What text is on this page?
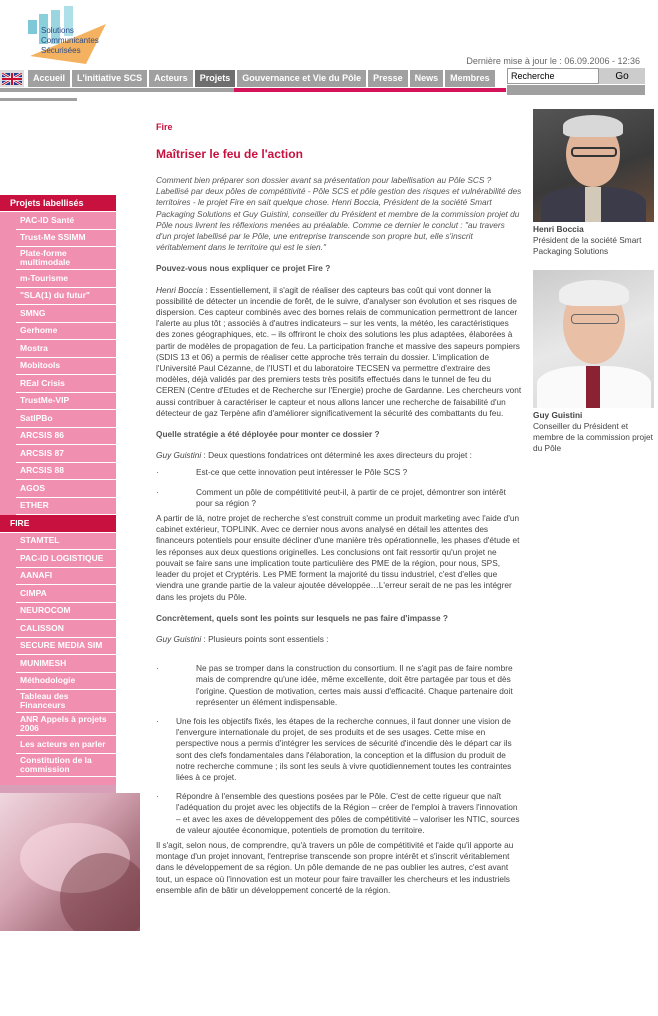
Solutions
Communicantes
Sécurisées
Dernière mise à jour le : 06.09.2006 - 12:36
Accueil	L'initiative SCS	Acteurs	Projets	Gouvernance et Vie du Pôle	Presse	News	Membres
Recherche	Go
Projets labellisés
PAC-ID Santé
Trust-Me SSIMM
Plate-forme multimodale
m-Tourisme
"SLA(1) du futur"
SMNG
Gerhome
Mostra
Mobitools
REal Crisis
TrustMe-VIP
SatIPBo
ARCSIS 86
ARCSIS 87
ARCSIS 88
AGOS
ETHER
FIRE
STAMTEL
PAC-ID LOGISTIQUE
AANAFI
CIMPA
NEUROCOM
CALISSON
SECURE MEDIA SIM
MUNIMESH
Méthodologie
Tableau des Financeurs
ANR Appels à projets 2006
Les acteurs en parler
Constitution de la commission
Fire
Maîtriser le feu de l'action

Comment bien préparer son dossier avant sa présentation pour labellisation au Pôle SCS ? Labellisé par deux pôles de compétitivité - Pôle SCS et pôle gestion des risques et vulnérabilité des territoires - le projet Fire en sait quelque chose. Henri Boccia, Président de la société Smart Packaging Solutions et Guy Guistini, conseiller du Président et membre de la commission projet du Pôle nous livrent les réflexions menées au préalable. Comme ce dernier le conclut : "au travers d'un projet labellisé par le Pôle, une entreprise transcende son propre but, elle s'inscrit véritablement dans le territoire qui est le sien."

Pouvez-vous nous expliquer ce projet Fire ?

Henri Boccia : Essentiellement, il s'agit de réaliser des capteurs bas coût qui vont donner la possibilité de détecter un incendie de forêt, de le suivre, d'analyser son évolution et ses risques de dispersion. Ces capteur combinés avec des bornes relais de communication permettront de lancer l'alerte au plus tôt ; associés à d'autres indicateurs – sur les vents, la météo, les caractéristiques des zones géographiques, etc. – ils offriront le choix des solutions les plus adaptées, élaborées à partir de modèles de propagation de feu. La participation franche et massive des sapeurs pompiers (SDIS 13 et 06) a permis de réaliser cette approche très terrain du dossier. L'implication de l'Université Paul Cézanne, de l'IUSTI et du laboratoire TECSEN va permettre d'extraire des modèles, déjà validés par des premiers tests très positifs effectués dans le tunnel de feu du CEREN (Centre d'Etudes et de Recherche sur l'Energie) proche de Gardanne. Les chercheurs vont aussi contribuer à caractériser le capteur et nous allons lancer une recherche de faisabilité d'un détecteur de gaz Terpène afin d'améliorer significativement la sécurité des combattants du feu.

Quelle stratégie a été déployée pour monter ce dossier ?

Guy Guistini : Deux questions fondatrices ont déterminé les axes directeurs du projet :

·	Est-ce que cette innovation peut intéresser le Pôle SCS ?

·	Comment un pôle de compétitivité peut-il, à partir de ce projet, démontrer son intérêt pour sa région ?

A partir de là, notre projet de recherche s'est construit comme un produit marketing avec l'aide d'un cabinet extérieur, TOPLINK. Avec ce dernier nous avons analysé en détail les attentes des financeurs potentiels pour ensuite décliner d'une manière très opérationnelle, les phases d'étude et les réponses aux deux questions originelles. Les conclusions ont fait ressortir qu'un projet ne pouvait se faire sans une implication toute particulière des PME de la région, pour nous, SPS, leader du projet et Cryptéris. Les PME forment la majorité du tissu industriel, c'est d'elles que viendra une grande partie de la valeur ajoutée développée…L'erreur serait de ne pas les intégrer dans les projets du Pôle.

Concrètement, quels sont les points sur lesquels ne pas faire d'impasse ?

Guy Guistini : Plusieurs points sont essentiels :

·	Ne pas se tromper dans la construction du consortium. Il ne s'agit pas de faire nombre mais de comprendre qu'une idée, même excellente, doit être partagée par tous et dès l'origine. Question de motivation, certes mais aussi d'efficacité. Chaque partenaire doit représenter un élément indispensable.

· Une fois les objectifs fixés, les étapes de la recherche connues, il faut donner une vision de l'envergure internationale du projet, de ses produits et de ses usages. Cette mise en perspective nous a permis d'intégrer les services de sécurité d'incendie dès le départ car ils sont des clefs fondamentales dans l'élaboration, la conception et la diffusion du produit de notre recherche commune ; ils sont les seuls à vivre quotidiennement toutes les contraintes liées à ce projet.

· Répondre à l'ensemble des questions posées par le Pôle. C'est de cette rigueur que naît l'adéquation du projet avec les objectifs de la Région – créer de l'emploi à travers l'innovation – et avec les axes de développement des pôles de compétitivité – valoriser les NTIC, sources de valeur ajoutée économique, potentiels de promotion du territoire.

Il s'agit, selon nous, de comprendre, qu'à travers un pôle de compétitivité et l'aide qu'il apporte au montage d'un projet innovant, l'entreprise transcende son propre intérêt et s'inscrit véritablement dans le développement de sa région. Un pôle demande de ne pas oublier les autres, c'est avant tout, un espace où l'innovation est un moteur pour faire travailler les chercheurs et les industriels ensemble afin de bâtir un développement concerté de la région.

Henri Boccia
Président de la société Smart Packaging Solutions
Guy Guistini
Conseiller du Président et membre de la commission projet du Pôle
